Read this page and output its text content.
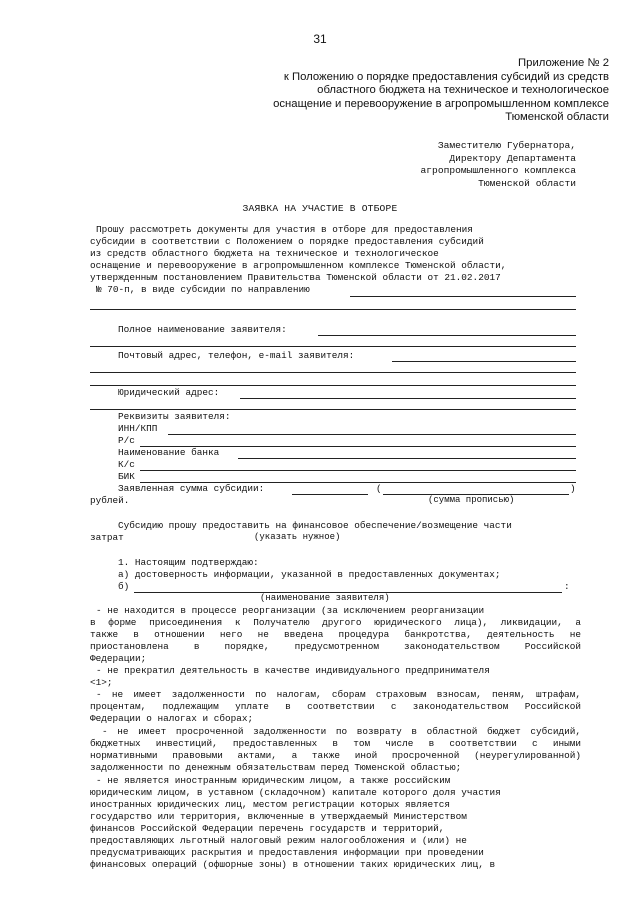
31
Приложение № 2
к Положению о порядке предоставления субсидий из средств
областного бюджета на техническое и технологическое
оснащение и перевооружение в агропромышленном комплексе
Тюменской области
Заместителю Губернатора,
Директору Департамента
агропромышленного комплекса
Тюменской области
ЗАЯВКА НА УЧАСТИЕ В ОТБОРЕ
Прошу рассмотреть документы для участия в отборе для предоставления
субсидии в соответствии с Положением о порядке предоставления субсидий
из средств областного бюджета на техническое и технологическое
оснащение и перевооружение в агропромышленном комплексе Тюменской области,
утвержденным постановлением Правительства Тюменской области от 21.02.2017
№ 70-п, в виде субсидии по направлению
Полное наименование заявителя:
Почтовый адрес, телефон, e-mail заявителя:
Юридический адрес:
Реквизиты заявителя:
ИНН/КПП
Р/с
Наименование банка
К/с
БИК
Заявленная сумма субсидии:	(	)
рублей.	(сумма прописью)
Субсидию прошу предоставить на финансовое обеспечение/возмещение части
затрат	(указать нужное)
1. Настоящим подтверждаю:
а) достоверность информации, указанной в предоставленных документах;
б)	:
(наименование заявителя)
- не находится в процессе реорганизации (за исключением реорганизации
в форме присоединения к Получателю другого юридического лица), ликвидации, а
также в отношении него не введена процедура банкротства, деятельность не
приостановлена в порядке, предусмотренном законодательством Российской
Федерации;
- не прекратил деятельность в качестве индивидуального предпринимателя
<1>;
- не имеет задолженности по налогам, сборам страховым взносам, пеням, штрафам,
процентам, подлежащим уплате в соответствии с законодательством Российской
Федерации о налогах и сборах;
- не имеет просроченной задолженности по возврату в областной бюджет субсидий,
бюджетных инвестиций, предоставленных в том числе в соответствии с иными
нормативными правовыми актами, а также иной просроченной (неурегулированной)
задолженности по денежным обязательствам перед Тюменской областью;
- не является иностранным юридическим лицом, а также российским
юридическим лицом, в уставном (складочном) капитале которого доля участия
иностранных юридических лиц, местом регистрации которых является
государство или территория, включенные в утверждаемый Министерством
финансов Российской Федерации перечень государств и территорий,
предоставляющих льготный налоговый режим налогообложения и (или) не
предусматривающих раскрытия и предоставления информации при проведении
финансовых операций (офшорные зоны) в отношении таких юридических лиц, в
